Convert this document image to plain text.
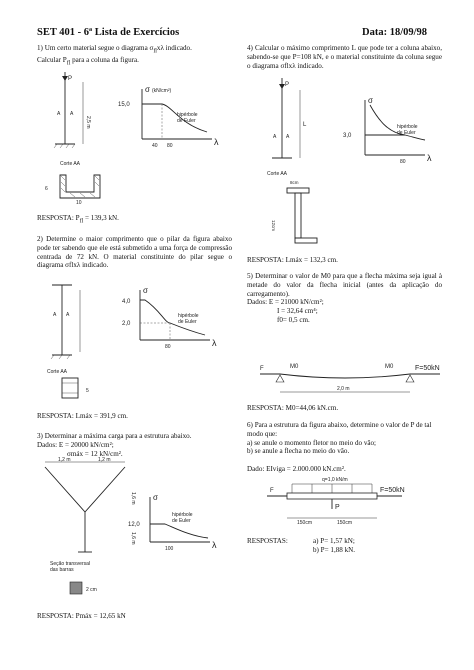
SET 401 - 6ª Lista de Exercícios	Data: 18/09/98
1) Um certo material segue o diagrama $\sigma_{fl}x\lambda$ indicado.
Calcular $P_{fl}$ para a coluna da figura.
P
A A
2,5 m
σ (kN/cm²)
15,0
hipérbole
de Euler
40 80	λ
Corte AA
6
10
RESPOSTA: $P_{fl} = 139,3$ kN.
2) Determine o maior comprimento que o pilar da figura abaixo pode ter sabendo que ele está submetido a uma força de compressão centrada de 72 kN. O material constituinte do pilar segue o diagrama σflxλ indicado.
A A
σ
4,0
2,0
hipérbole
de Euler
80	λ
Corte AA
5
RESPOSTA: Lmáx = 391,9 cm.
3) Determinar a máxima carga para a estrutura abaixo.
Dados: E = 20000 kN/cm²;
σmáx = 12 kN/cm².
1,2 m	1,2 m
1,6 m
1,6 m
Seção transversal
das barras
2 cm
σ
12,0
hipérbole
de Euler
100	λ
RESPOSTA: Pmáx = 12,65 kN
4) Calcular o máximo comprimento L que pode ter a coluna abaixo, sabendo-se que P=108 kN, e o material constituinte da coluna segue o diagrama σflxλ indicado.
P
A A
L
σ
3,0
hipérbole
de Euler
80 λ
Corte AA
8cm
12cm
RESPOSTA: Lmáx = 132,3 cm.
5) Determinar o valor de M0 para que a flecha máxima seja igual à metade do valor da flecha inicial (antes da aplicação do carregamento).
Dados: E = 21000 kN/cm²;
I = 32,64 cm⁴;
f0= 0,5 cm.
F	F=50kN
M0	M0
2,0 m
RESPOSTA: M0=44,06 kN.cm.
6) Para a estrutura da figura abaixo, determine o valor de P de tal modo que:
a) se anule o momento fletor no meio do vão;
b) se anule a flecha no meio do vão.

Dado: EIviga = 2.000.000 kN.cm².
q=1,0 kN/m
F	F=50kN
P
150cm	150cm
RESPOSTAS:	a) P= 1,57 kN;
b) P= 1,88 kN.
